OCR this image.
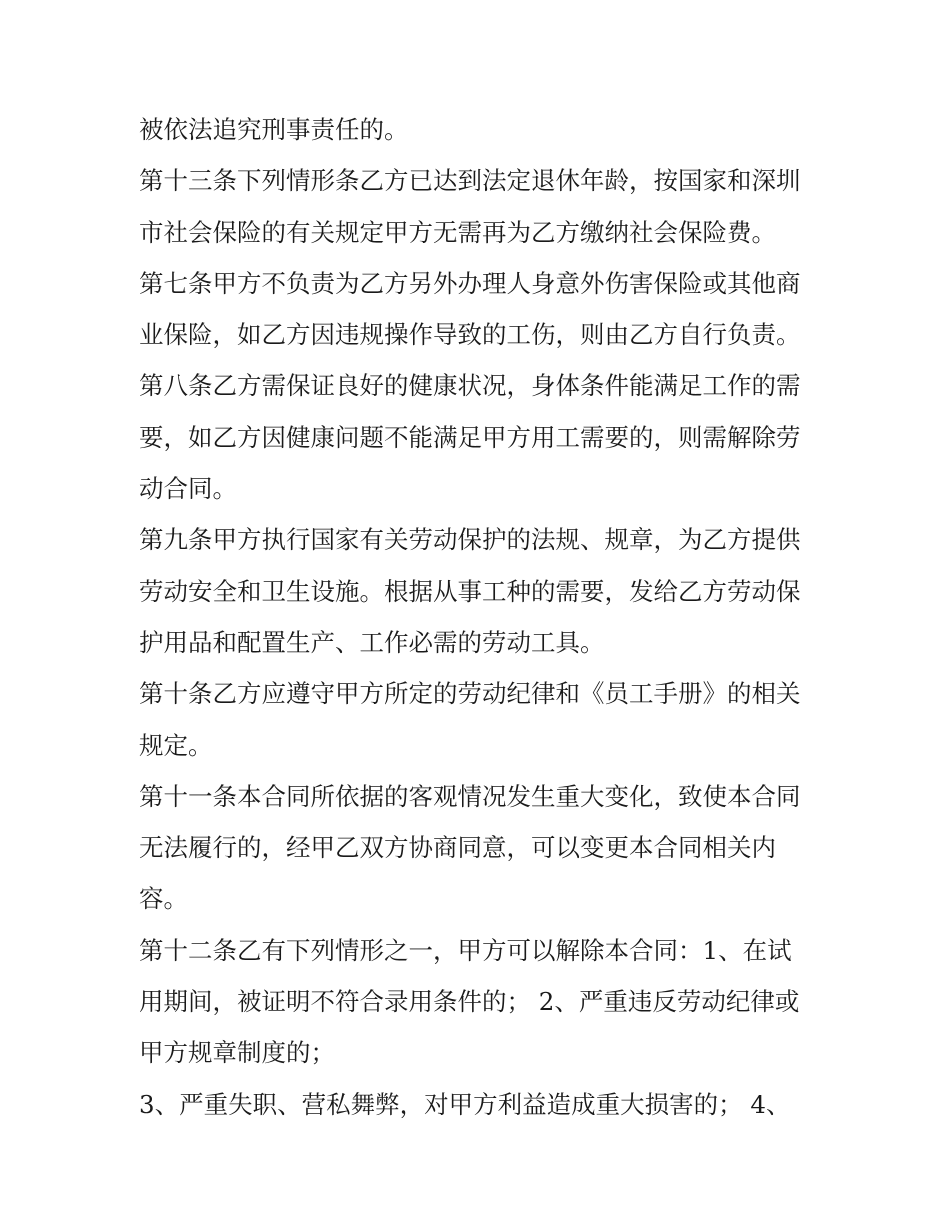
被依法追究刑事责任的。
第十三条下列情形条乙方已达到法定退休年龄，按国家和深圳
市社会保险的有关规定甲方无需再为乙方缴纳社会保险费。
第七条甲方不负责为乙方另外办理人身意外伤害保险或其他商
业保险，如乙方因违规操作导致的工伤，则由乙方自行负责。
第八条乙方需保证良好的健康状况，身体条件能满足工作的需
要，如乙方因健康问题不能满足甲方用工需要的，则需解除劳
动合同。
第九条甲方执行国家有关劳动保护的法规、规章，为乙方提供
劳动安全和卫生设施。根据从事工种的需要，发给乙方劳动保
护用品和配置生产、工作必需的劳动工具。
第十条乙方应遵守甲方所定的劳动纪律和《员工手册》的相关
规定。
第十一条本合同所依据的客观情况发生重大变化，致使本合同
无法履行的，经甲乙双方协商同意，可以变更本合同相关内
容。
第十二条乙有下列情形之一，甲方可以解除本合同：1、在试
用期间，被证明不符合录用条件的； 2、严重违反劳动纪律或
甲方规章制度的；
3、严重失职、营私舞弊，对甲方利益造成重大损害的； 4、
